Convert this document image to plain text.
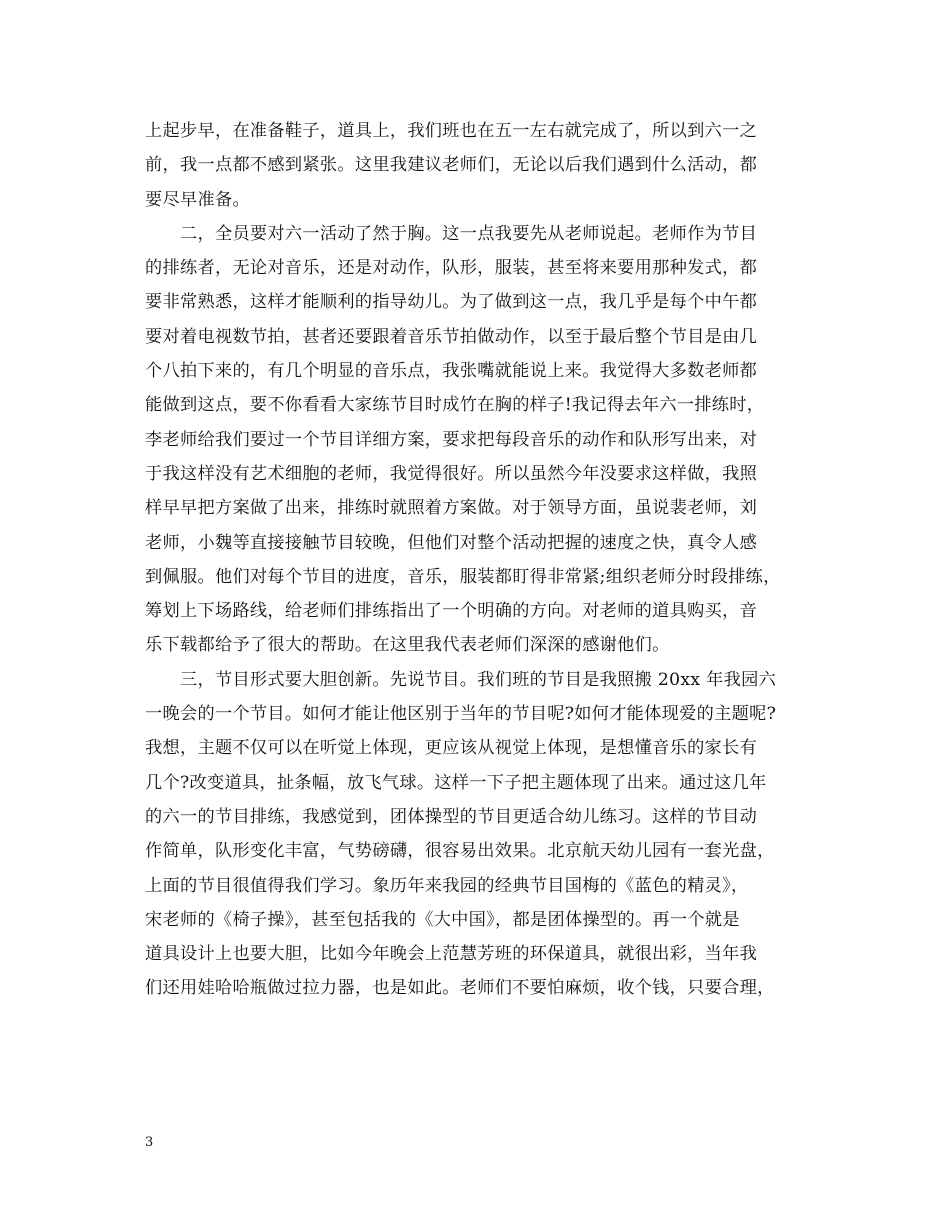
上起步早，在准备鞋子，道具上，我们班也在五一左右就完成了，所以到六一之
前，我一点都不感到紧张。这里我建议老师们，无论以后我们遇到什么活动，都
要尽早准备。
　　二，全员要对六一活动了然于胸。这一点我要先从老师说起。老师作为节目
的排练者，无论对音乐，还是对动作，队形，服装，甚至将来要用那种发式，都
要非常熟悉，这样才能顺利的指导幼儿。为了做到这一点，我几乎是每个中午都
要对着电视数节拍，甚者还要跟着音乐节拍做动作，以至于最后整个节目是由几
个八拍下来的，有几个明显的音乐点，我张嘴就能说上来。我觉得大多数老师都
能做到这点，要不你看看大家练节目时成竹在胸的样子!我记得去年六一排练时，
李老师给我们要过一个节目详细方案，要求把每段音乐的动作和队形写出来，对
于我这样没有艺术细胞的老师，我觉得很好。所以虽然今年没要求这样做，我照
样早早把方案做了出来，排练时就照着方案做。对于领导方面，虽说裴老师，刘
老师，小魏等直接接触节目较晚，但他们对整个活动把握的速度之快，真令人感
到佩服。他们对每个节目的进度，音乐，服装都盯得非常紧;组织老师分时段排练，
筹划上下场路线，给老师们排练指出了一个明确的方向。对老师的道具购买，音
乐下载都给予了很大的帮助。在这里我代表老师们深深的感谢他们。
　　三，节目形式要大胆创新。先说节目。我们班的节目是我照搬 20xx 年我园六
一晚会的一个节目。如何才能让他区别于当年的节目呢?如何才能体现爱的主题呢?
我想，主题不仅可以在听觉上体现，更应该从视觉上体现，是想懂音乐的家长有
几个?改变道具，扯条幅，放飞气球。这样一下子把主题体现了出来。通过这几年
的六一的节目排练，我感觉到，团体操型的节目更适合幼儿练习。这样的节目动
作简单，队形变化丰富，气势磅礴，很容易出效果。北京航天幼儿园有一套光盘，
上面的节目很值得我们学习。象历年来我园的经典节目国梅的《蓝色的精灵》，
宋老师的《椅子操》，甚至包括我的《大中国》，都是团体操型的。再一个就是
道具设计上也要大胆，比如今年晚会上范慧芳班的环保道具，就很出彩，当年我
们还用娃哈哈瓶做过拉力器，也是如此。老师们不要怕麻烦，收个钱，只要合理，
3
